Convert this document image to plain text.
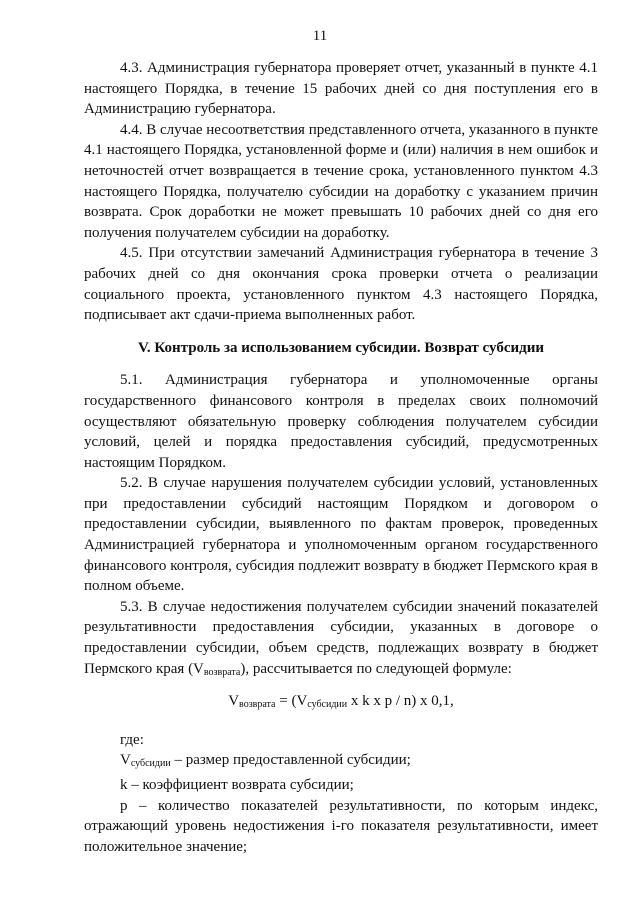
11

4.3. Администрация губернатора проверяет отчет, указанный в пункте 4.1 настоящего Порядка, в течение 15 рабочих дней со дня поступления его в Администрацию губернатора.

4.4. В случае несоответствия представленного отчета, указанного в пункте 4.1 настоящего Порядка, установленной форме и (или) наличия в нем ошибок и неточностей отчет возвращается в течение срока, установленного пунктом 4.3 настоящего Порядка, получателю субсидии на доработку с указанием причин возврата. Срок доработки не может превышать 10 рабочих дней со дня его получения получателем субсидии на доработку.

4.5. При отсутствии замечаний Администрация губернатора в течение 3 рабочих дней со дня окончания срока проверки отчета о реализации социального проекта, установленного пунктом 4.3 настоящего Порядка, подписывает акт сдачи-приема выполненных работ.

V. Контроль за использованием субсидии. Возврат субсидии

5.1. Администрация губернатора и уполномоченные органы государственного финансового контроля в пределах своих полномочий осуществляют обязательную проверку соблюдения получателем субсидии условий, целей и порядка предоставления субсидий, предусмотренных настоящим Порядком.

5.2. В случае нарушения получателем субсидии условий, установленных при предоставлении субсидий настоящим Порядком и договором о предоставлении субсидии, выявленного по фактам проверок, проведенных Администрацией губернатора и уполномоченным органом государственного финансового контроля, субсидия подлежит возврату в бюджет Пермского края в полном объеме.

5.3. В случае недостижения получателем субсидии значений показателей результативности предоставления субсидии, указанных в договоре о предоставлении субсидии, объем средств, подлежащих возврату в бюджет Пермского края $(V_{возврата})$, рассчитывается по следующей формуле:

$V_{возврата} = (V_{субсидии}$ x k x p / n) x 0,1,

где:

$V_{субсидии}$ – размер предоставленной субсидии;

k – коэффициент возврата субсидии;

p – количество показателей результативности, по которым индекс, отражающий уровень недостижения i-го показателя результативности, имеет положительное значение;
